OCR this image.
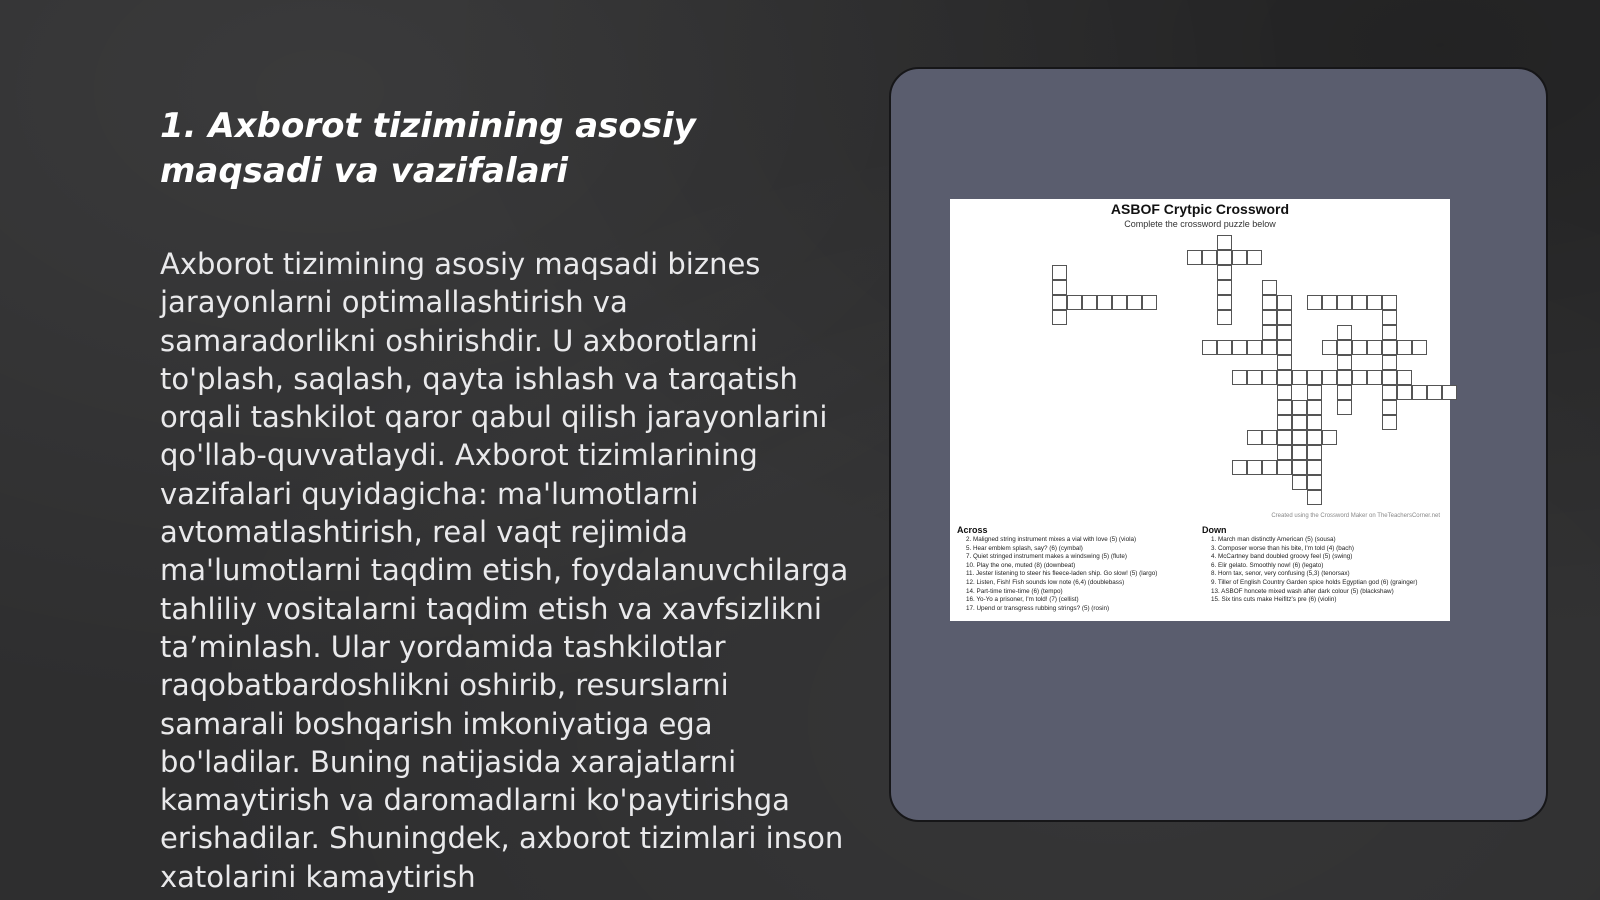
1. Axborot tizimining asosiy maqsadi va vazifalari

Axborot tizimining asosiy maqsadi biznes jarayonlarni optimallashtirish va samaradorlikni oshirishdir. U axborotlarni to'plash, saqlash, qayta ishlash va tarqatish orqali tashkilot qaror qabul qilish jarayonlarini qo'llab-quvvatlaydi. Axborot tizimlarining vazifalari quyidagicha: ma'lumotlarni avtomatlashtirish, real vaqt rejimida ma'lumotlarni taqdim etish, foydalanuvchilarga tahliliy vositalarni taqdim etish va xavfsizlikni ta’minlash. Ular yordamida tashkilotlar raqobatbardoshlikni oshirib, resurslarni samarali boshqarish imkoniyatiga ega bo'ladilar. Buning natijasida xarajatlarni kamaytirish va daromadlarni ko'paytirishga erishadilar. Shuningdek, axborot tizimlari inson xatolarini kamaytirish

ASBOF Crytpic Crossword
Complete the crossword puzzle below
Created using the Crossword Maker on TheTeachersCorner.net

Across

2. Maligned string instrument mixes a vial with love (5) (viola)

5. Hear emblem splash, say? (6) (cymbal)

7. Quiet stringed instrument makes a windswing (5) (flute)

10. Play the one, muted (8) (downbeat)

11. Jester listening to steer his fleece-laden ship. Go slow! (5) (largo)

12. Listen, Fish! Fish sounds low note (6,4) (doublebass)

14. Part-time time-time (6) (tempo)

16. Yo-Yo a prisoner, I'm told! (7) (cellist)

17. Upend or transgress rubbing strings? (5) (rosin)

Down

1. March man distinctly American (5) (sousa)

3. Composer worse than his bite, I'm told (4) (bach)

4. McCartney band doubled groovy feel (5) (swing)

6. Elir gelato. Smoothly now! (6) (legato)

8. Horn tax, senor, very confusing (5,3) (tenorsax)

9. Tiller of English Country Garden spice holds Egyptian god (6) (grainger)

13. ASBOF honcete mixed wash after dark colour (5) (blackshaw)

15. Six tins cuts make Heifitz's pre (6) (violin)
